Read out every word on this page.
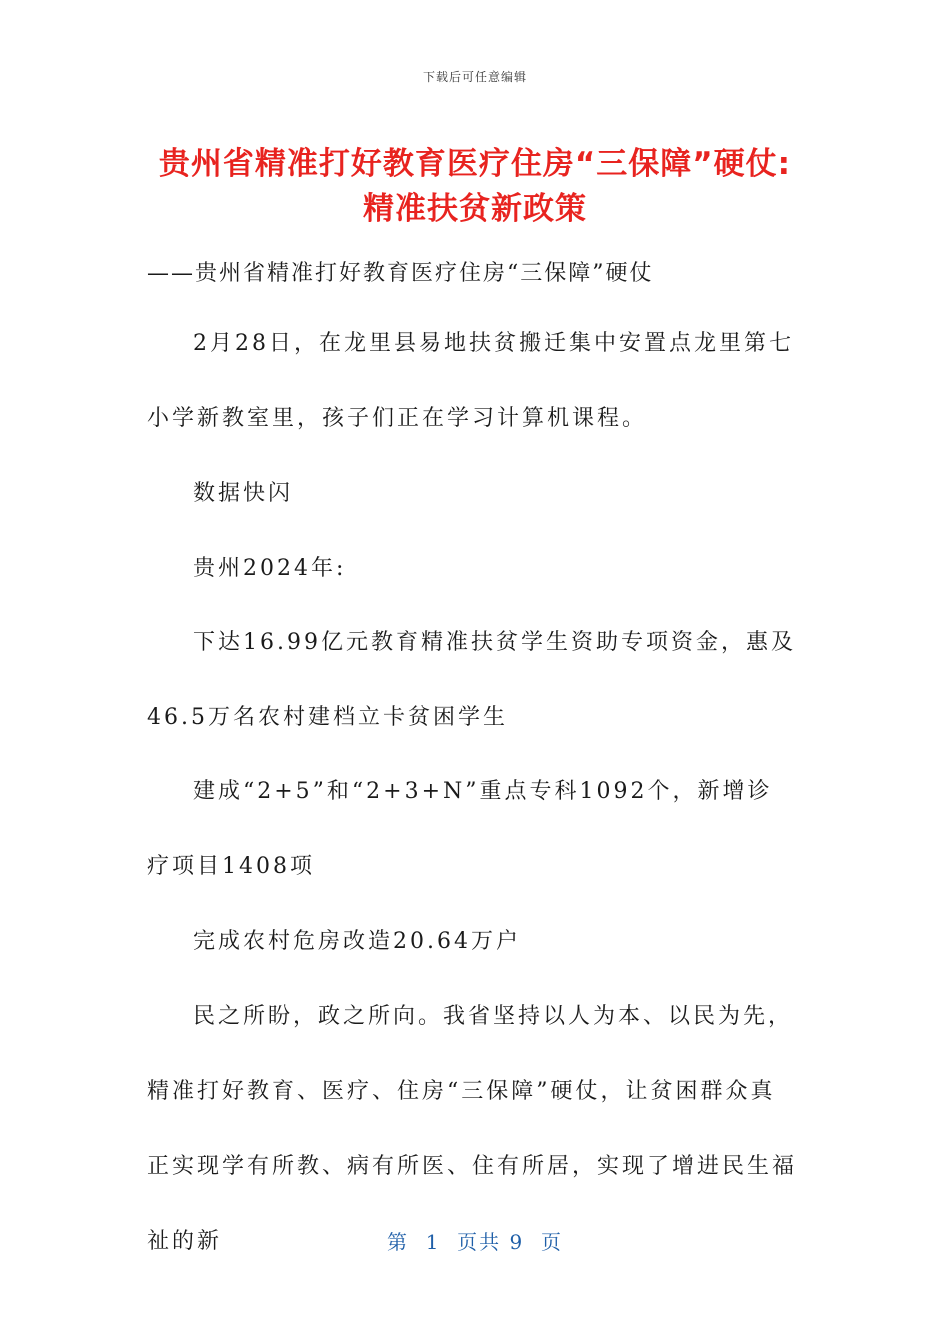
下载后可任意编辑
贵州省精准打好教育医疗住房“三保障”硬仗:精准扶贫新政策
——贵州省精准打好教育医疗住房“三保障”硬仗

2月28日，在龙里县易地扶贫搬迁集中安置点龙里第七小学新教室里，孩子们正在学习计算机课程。

数据快闪

贵州2024年:

下达16.99亿元教育精准扶贫学生资助专项资金，惠及46.5万名农村建档立卡贫困学生

建成“2+5”和“2+3+N”重点专科1092个，新增诊疗项目1408项

完成农村危房改造20.64万户

民之所盼，政之所向。我省坚持以人为本、以民为先，精准打好教育、医疗、住房“三保障”硬仗，让贫困群众真正实现学有所教、病有所医、住有所居，实现了增进民生福祉的新	第  1  页共 9  页
